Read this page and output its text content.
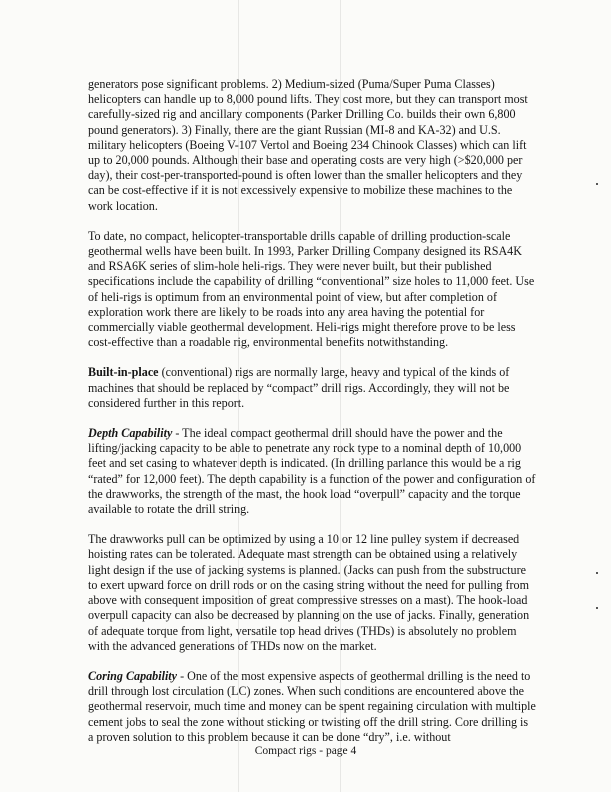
generators pose significant problems. 2) Medium-sized (Puma/Super Puma Classes) helicopters can handle up to 8,000 pound lifts. They cost more, but they can transport most carefully-sized rig and ancillary components (Parker Drilling Co. builds their own 6,800 pound generators). 3) Finally, there are the giant Russian (MI-8 and KA-32) and U.S. military helicopters (Boeing V-107 Vertol and Boeing 234 Chinook Classes) which can lift up to 20,000 pounds. Although their base and operating costs are very high (>$20,000 per day), their cost-per-transported-pound is often lower than the smaller helicopters and they can be cost-effective if it is not excessively expensive to mobilize these machines to the work location.

To date, no compact, helicopter-transportable drills capable of drilling production-scale geothermal wells have been built. In 1993, Parker Drilling Company designed its RSA4K and RSA6K series of slim-hole heli-rigs. They were never built, but their published specifications include the capability of drilling “conventional” size holes to 11,000 feet. Use of heli-rigs is optimum from an environmental point of view, but after completion of exploration work there are likely to be roads into any area having the potential for commercially viable geothermal development. Heli-rigs might therefore prove to be less cost-effective than a roadable rig, environmental benefits notwithstanding.

Built-in-place (conventional) rigs are normally large, heavy and typical of the kinds of machines that should be replaced by “compact” drill rigs. Accordingly, they will not be considered further in this report.

Depth Capability - The ideal compact geothermal drill should have the power and the lifting/jacking capacity to be able to penetrate any rock type to a nominal depth of 10,000 feet and set casing to whatever depth is indicated. (In drilling parlance this would be a rig “rated” for 12,000 feet). The depth capability is a function of the power and configuration of the drawworks, the strength of the mast, the hook load “overpull” capacity and the torque available to rotate the drill string.

The drawworks pull can be optimized by using a 10 or 12 line pulley system if decreased hoisting rates can be tolerated. Adequate mast strength can be obtained using a relatively light design if the use of jacking systems is planned. (Jacks can push from the substructure to exert upward force on drill rods or on the casing string without the need for pulling from above with consequent imposition of great compressive stresses on a mast). The hook-load overpull capacity can also be decreased by planning on the use of jacks. Finally, generation of adequate torque from light, versatile top head drives (THDs) is absolutely no problem with the advanced generations of THDs now on the market.

Coring Capability - One of the most expensive aspects of geothermal drilling is the need to drill through lost circulation (LC) zones. When such conditions are encountered above the geothermal reservoir, much time and money can be spent regaining circulation with multiple cement jobs to seal the zone without sticking or twisting off the drill string. Core drilling is a proven solution to this problem because it can be done “dry”, i.e. without

Compact rigs - page 4
